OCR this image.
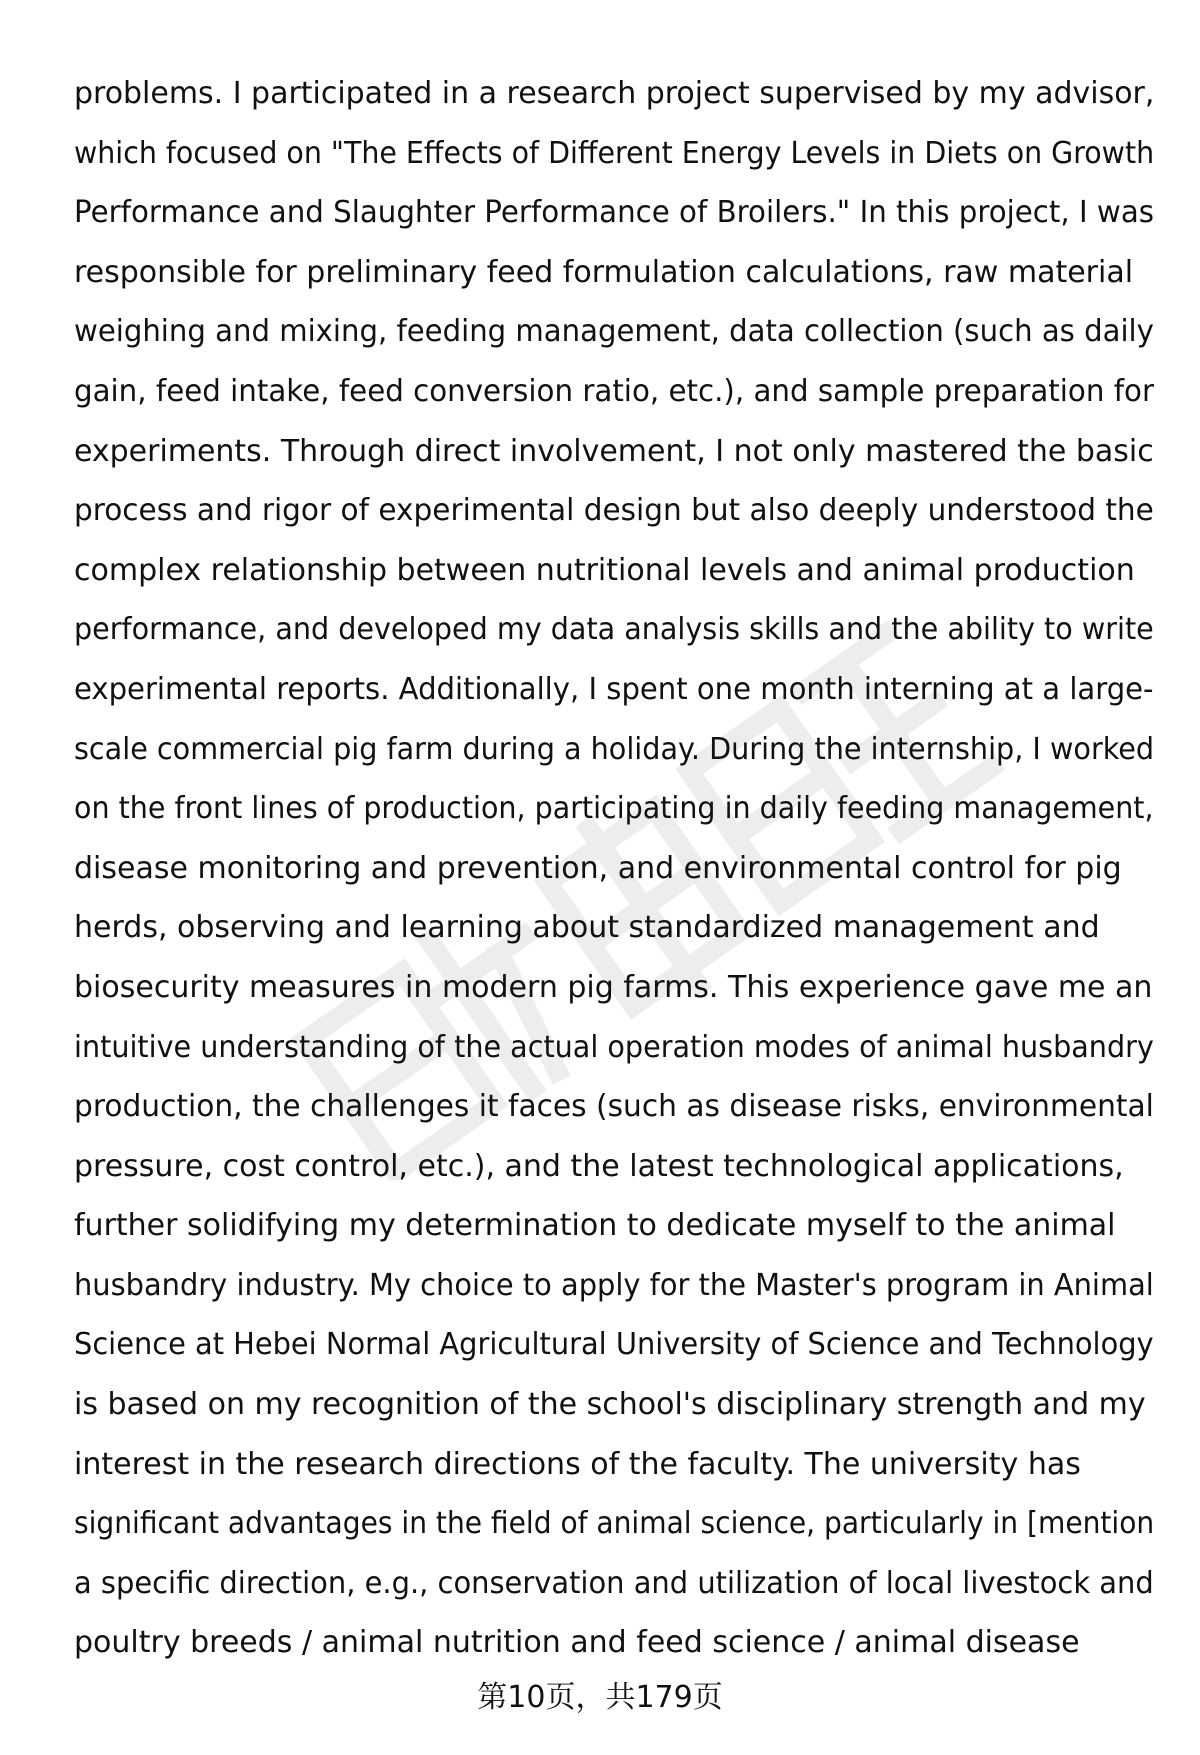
problems. I participated in a research project supervised by my advisor,
which focused on "The Effects of Different Energy Levels in Diets on Growth
Performance and Slaughter Performance of Broilers." In this project, I was
responsible for preliminary feed formulation calculations, raw material
weighing and mixing, feeding management, data collection (such as daily
gain, feed intake, feed conversion ratio, etc.), and sample preparation for
experiments. Through direct involvement, I not only mastered the basic
process and rigor of experimental design but also deeply understood the
complex relationship between nutritional levels and animal production
performance, and developed my data analysis skills and the ability to write
experimental reports. Additionally, I spent one month interning at a large-
scale commercial pig farm during a holiday. During the internship, I worked
on the front lines of production, participating in daily feeding management,
disease monitoring and prevention, and environmental control for pig
herds, observing and learning about standardized management and
biosecurity measures in modern pig farms. This experience gave me an
intuitive understanding of the actual operation modes of animal husbandry
production, the challenges it faces (such as disease risks, environmental
pressure, cost control, etc.), and the latest technological applications,
further solidifying my determination to dedicate myself to the animal
husbandry industry. My choice to apply for the Master's program in Animal
Science at Hebei Normal Agricultural University of Science and Technology
is based on my recognition of the school's disciplinary strength and my
interest in the research directions of the faculty. The university has
significant advantages in the field of animal science, particularly in [mention
a specific direction, e.g., conservation and utilization of local livestock and
poultry breeds / animal nutrition and feed science / animal disease
第10页，共179页
